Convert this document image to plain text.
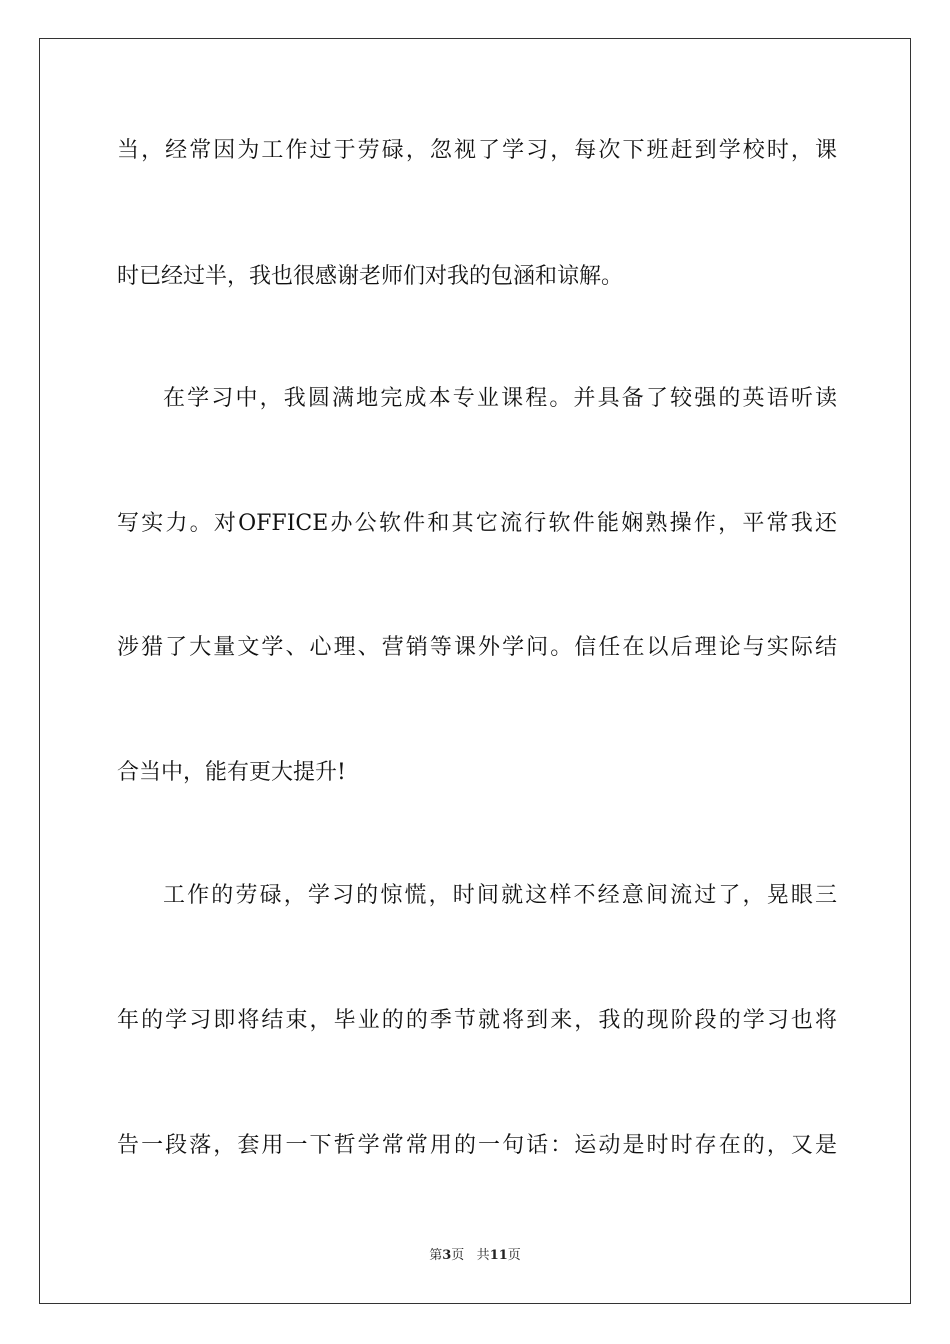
当，经常因为工作过于劳碌，忽视了学习，每次下班赶到学校时，课
时已经过半，我也很感谢老师们对我的包涵和谅解。
在学习中，我圆满地完成本专业课程。并具备了较强的英语听读
写实力。对OFFICE办公软件和其它流行软件能娴熟操作，平常我还
涉猎了大量文学、心理、营销等课外学问。信任在以后理论与实际结
合当中，能有更大提升!
工作的劳碌，学习的惊慌，时间就这样不经意间流过了，晃眼三
年的学习即将结束，毕业的的季节就将到来，我的现阶段的学习也将
告一段落，套用一下哲学常常用的一句话：运动是时时存在的，又是
第3页 共11页
